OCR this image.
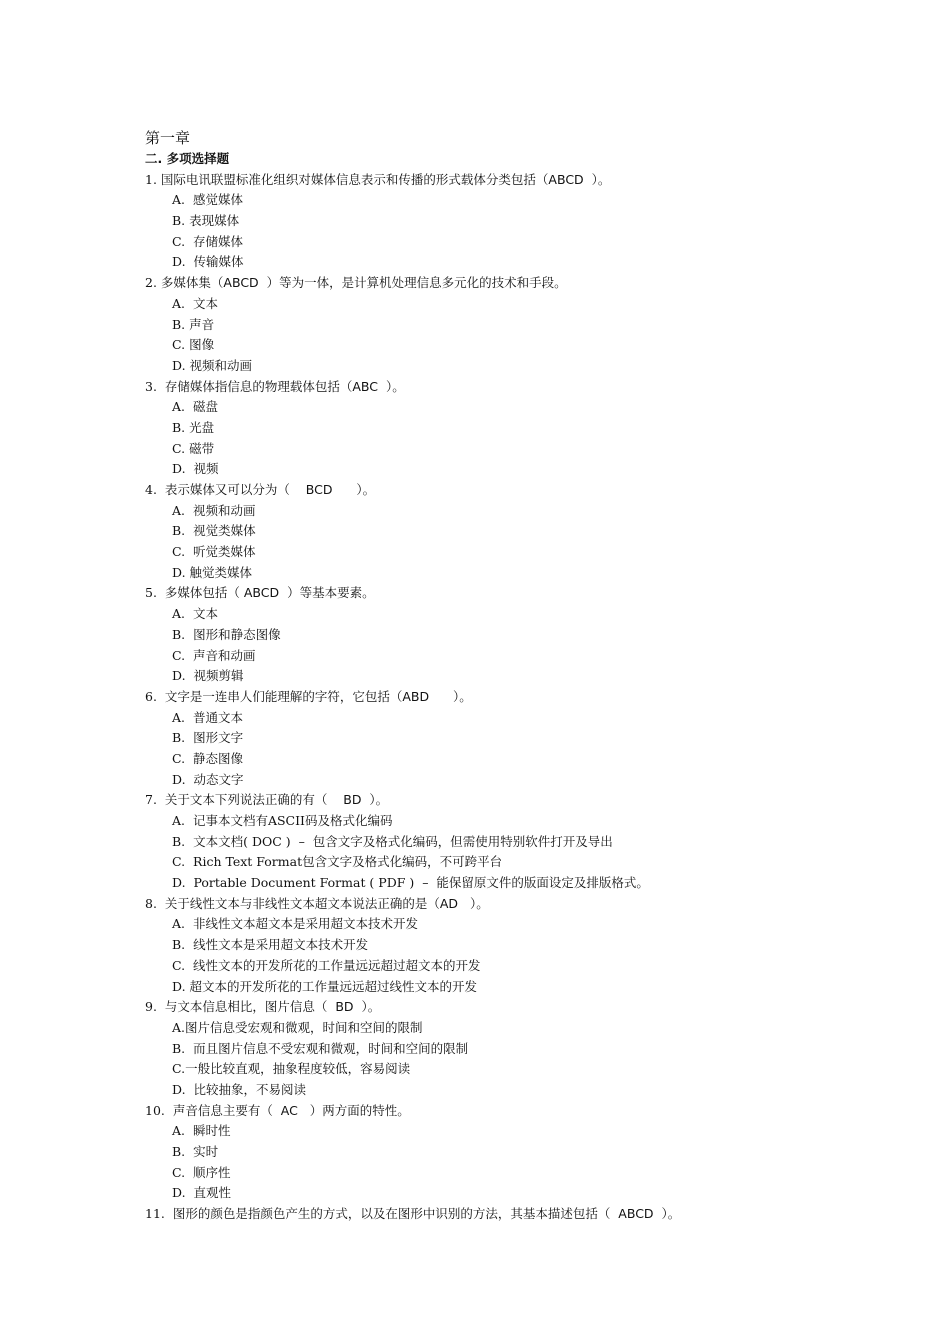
第一章
二. 多项选择题
1. 国际电讯联盟标准化组织对媒体信息表示和传播的形式载体分类包括（ABCD  ）。
A.  感觉媒体
B. 表现媒体
C.  存储媒体
D.  传输媒体
2. 多媒体集（ABCD  ）等为一体，是计算机处理信息多元化的技术和手段。
A.  文本
B. 声音
C. 图像
D. 视频和动画
3.  存储媒体指信息的物理载体包括（ABC  ）。
A.  磁盘
B. 光盘
C. 磁带
D.  视频
4.  表示媒体又可以分为（    BCD      ）。
A.  视频和动画
B.  视觉类媒体
C.  听觉类媒体
D. 触觉类媒体
5.  多媒体包括（ ABCD  ）等基本要素。
A.  文本
B.  图形和静态图像
C.  声音和动画
D.  视频剪辑
6.  文字是一连串人们能理解的字符，它包括（ABD      ）。
A.  普通文本
B.  图形文字
C.  静态图像
D.  动态文字
7.  关于文本下列说法正确的有（    BD  ）。
A.  记事本文档有ASCII码及格式化编码
B.  文本文档( DOC )  –  包含文字及格式化编码，但需使用特别软件打开及导出
C.  Rich Text Format包含文字及格式化编码，不可跨平台
D.  Portable Document Format ( PDF )  –  能保留原文件的版面设定及排版格式。
8.  关于线性文本与非线性文本超文本说法正确的是（AD   ）。
A.  非线性文本超文本是采用超文本技术开发
B.  线性文本是采用超文本技术开发
C.  线性文本的开发所花的工作量远远超过超文本的开发
D. 超文本的开发所花的工作量远远超过线性文本的开发
9.  与文本信息相比，图片信息（  BD  ）。
A.图片信息受宏观和微观，时间和空间的限制
B.  而且图片信息不受宏观和微观，时间和空间的限制
C.一般比较直观，抽象程度较低，容易阅读
D.  比较抽象，不易阅读
10.  声音信息主要有（  AC   ）两方面的特性。
A.  瞬时性
B.  实时
C.  顺序性
D.  直观性
11.  图形的颜色是指颜色产生的方式，以及在图形中识别的方法，其基本描述包括（  ABCD  ）。
